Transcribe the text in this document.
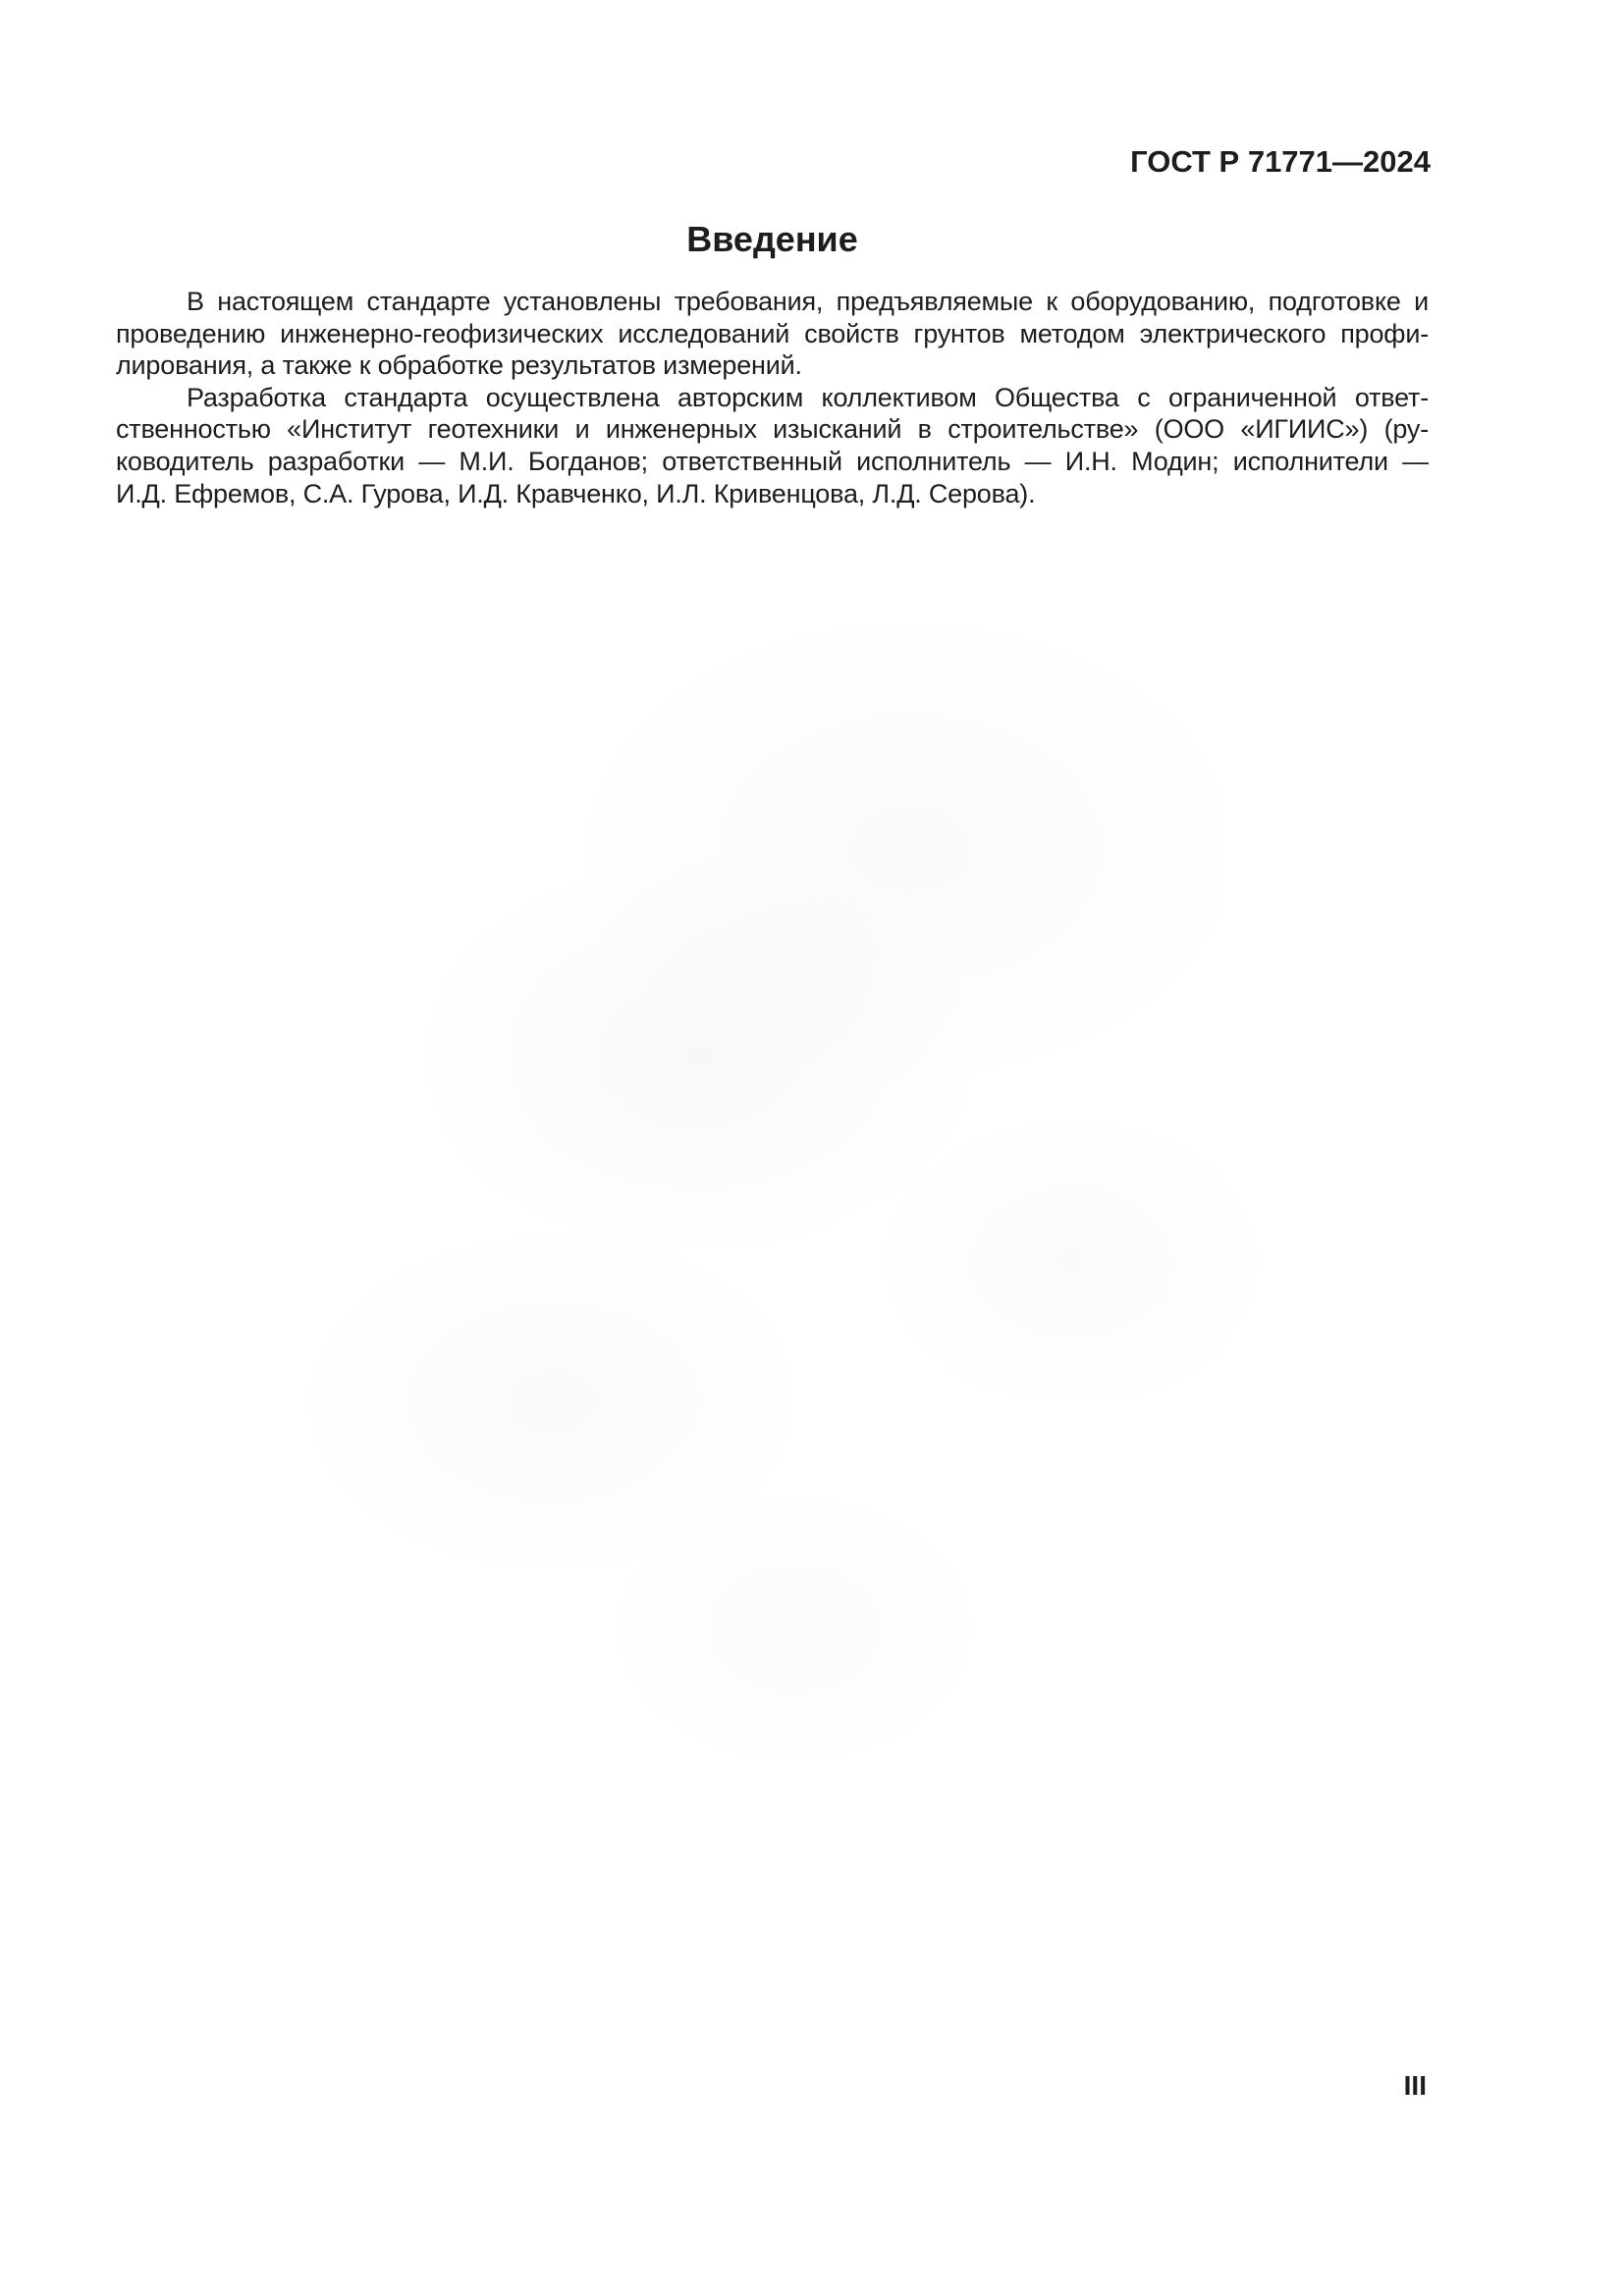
ГОСТ Р 71771—2024
Введение
В настоящем стандарте установлены требования, предъявляемые к оборудованию, подготовке и
проведению инженерно-геофизических исследований свойств грунтов методом электрического профи-
лирования, а также к обработке результатов измерений.
Разработка стандарта осуществлена авторским коллективом Общества с ограниченной ответ-
ственностью «Институт геотехники и инженерных изысканий в строительстве» (ООО «ИГИИС») (ру-
ководитель разработки — М.И. Богданов; ответственный исполнитель — И.Н. Модин; исполнители —
И.Д. Ефремов, С.А. Гурова, И.Д. Кравченко, И.Л. Кривенцова, Л.Д. Серова).
III
